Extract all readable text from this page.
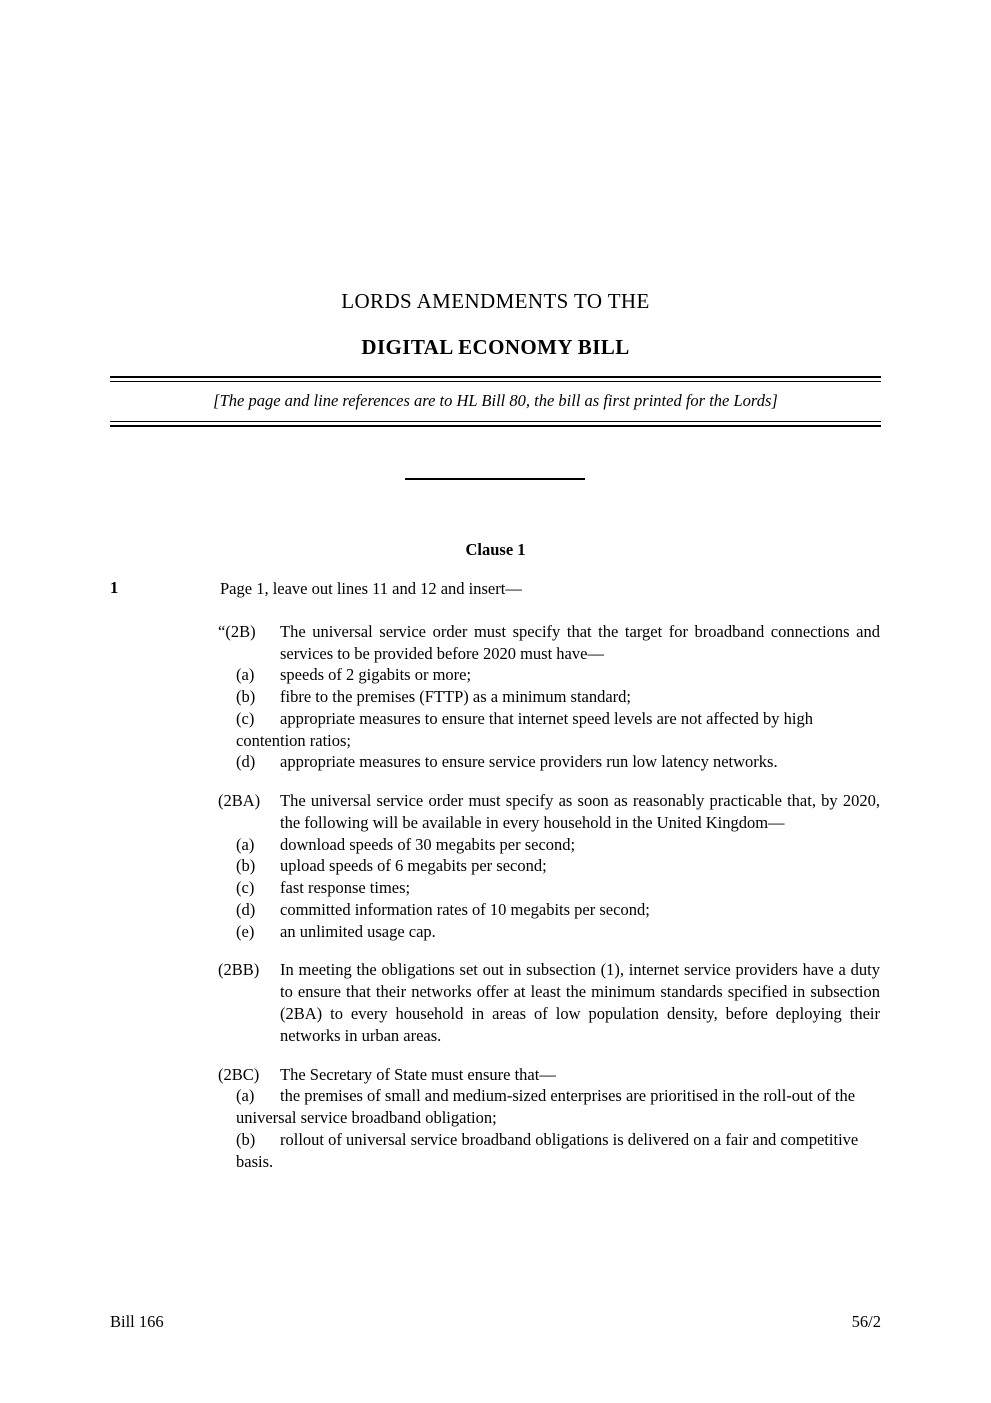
LORDS AMENDMENTS TO THE
DIGITAL ECONOMY BILL
[The page and line references are to HL Bill 80, the bill as first printed for the Lords]
Clause 1
1	Page 1, leave out lines 11 and 12 and insert—
“(2B) The universal service order must specify that the target for broadband connections and services to be provided before 2020 must have—
(a)	speeds of 2 gigabits or more;
(b)	fibre to the premises (FTTP) as a minimum standard;
(c)	appropriate measures to ensure that internet speed levels are not affected by high contention ratios;
(d)	appropriate measures to ensure service providers run low latency networks.
(2BA) The universal service order must specify as soon as reasonably practicable that, by 2020, the following will be available in every household in the United Kingdom—
(a)	download speeds of 30 megabits per second;
(b)	upload speeds of 6 megabits per second;
(c)	fast response times;
(d)	committed information rates of 10 megabits per second;
(e)	an unlimited usage cap.
(2BB) In meeting the obligations set out in subsection (1), internet service providers have a duty to ensure that their networks offer at least the minimum standards specified in subsection (2BA) to every household in areas of low population density, before deploying their networks in urban areas.
(2BC) The Secretary of State must ensure that—
(a)	the premises of small and medium-sized enterprises are prioritised in the roll-out of the universal service broadband obligation;
(b)	rollout of universal service broadband obligations is delivered on a fair and competitive basis.
Bill 166	56/2
